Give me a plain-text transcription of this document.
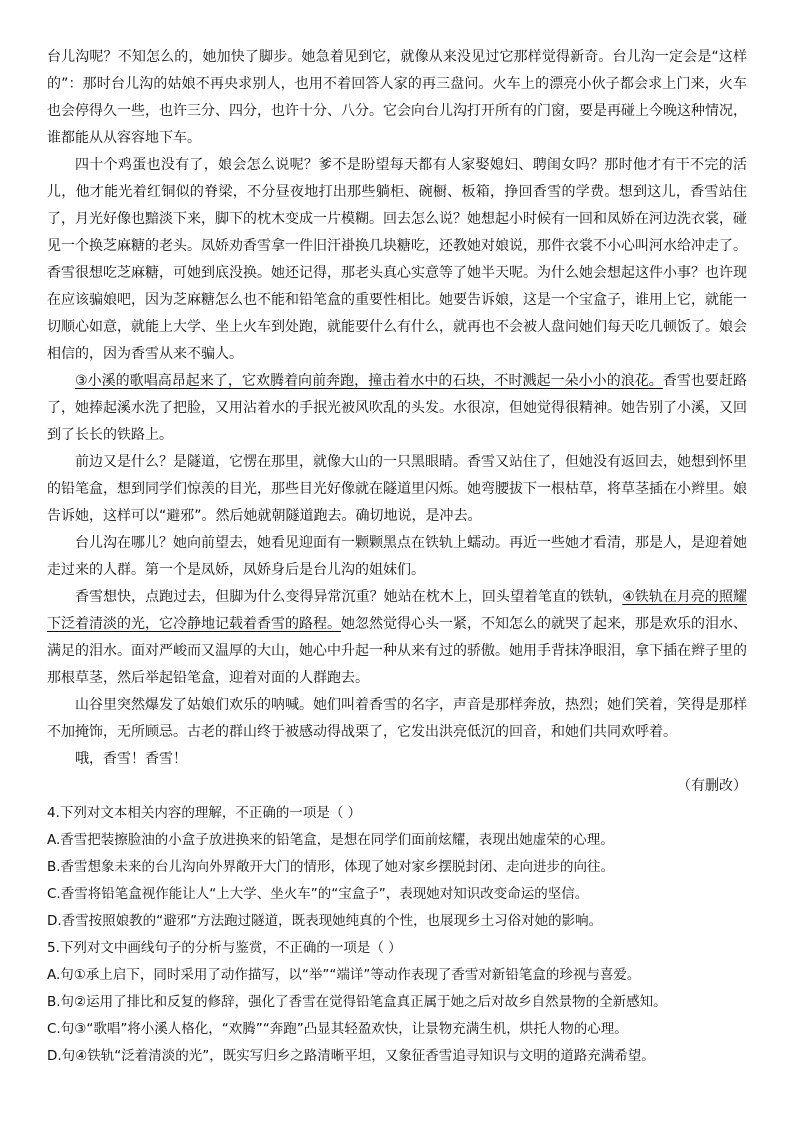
台儿沟呢？不知怎么的，她加快了脚步。她急着见到它，就像从来没见过它那样觉得新奇。台儿沟一定会是“这样的”：那时台儿沟的姑娘不再央求别人，也用不着回答人家的再三盘问。火车上的漂亮小伙子都会求上门来，火车也会停得久一些，也许三分、四分，也许十分、八分。它会向台儿沟打开所有的门窗，要是再碰上今晚这种情况，谁都能从从容容地下车。

四十个鸡蛋也没有了，娘会怎么说呢？爹不是盼望每天都有人家娶媳妇、聘闺女吗？那时他才有干不完的活儿，他才能光着红铜似的脊梁，不分昼夜地打出那些躺柜、碗橱、板箱，挣回香雪的学费。想到这儿，香雪站住了，月光好像也黯淡下来，脚下的枕木变成一片模糊。回去怎么说？她想起小时候有一回和凤娇在河边洗衣裳，碰见一个换芝麻糖的老头。凤娇劝香雪拿一件旧汗褂换几块糖吃，还教她对娘说，那件衣裳不小心叫河水给冲走了。香雪很想吃芝麻糖，可她到底没换。她还记得，那老头真心实意等了她半天呢。为什么她会想起这件小事？也许现在应该骗娘吧，因为芝麻糖怎么也不能和铅笔盒的重要性相比。她要告诉娘，这是一个宝盒子，谁用上它，就能一切顺心如意，就能上大学、坐上火车到处跑，就能要什么有什么，就再也不会被人盘问她们每天吃几顿饭了。娘会相信的，因为香雪从来不骗人。

③小溪的歌唱高昂起来了，它欢腾着向前奔跑，撞击着水中的石块，不时溅起一朵小小的浪花。香雪也要赶路了，她捧起溪水洗了把脸，又用沾着水的手抿光被风吹乱的头发。水很凉，但她觉得很精神。她告别了小溪，又回到了长长的铁路上。

前边又是什么？是隧道，它愣在那里，就像大山的一只黑眼睛。香雪又站住了，但她没有返回去，她想到怀里的铅笔盒，想到同学们惊羡的目光，那些目光好像就在隧道里闪烁。她弯腰拔下一根枯草，将草茎插在小辫里。娘告诉她，这样可以“避邪”。然后她就朝隧道跑去。确切地说，是冲去。

台儿沟在哪儿？她向前望去，她看见迎面有一颗颗黑点在铁轨上蠕动。再近一些她才看清，那是人，是迎着她走过来的人群。第一个是凤娇，凤娇身后是台儿沟的姐妹们。

香雪想快，点跑过去，但脚为什么变得异常沉重？她站在枕木上，回头望着笔直的铁轨，④铁轨在月亮的照耀下泛着清淡的光，它冷静地记载着香雪的路程。她忽然觉得心头一紧，不知怎么的就哭了起来，那是欢乐的泪水、满足的泪水。面对严峻而又温厚的大山，她心中升起一种从来有过的骄傲。她用手背抹净眼泪，拿下插在辫子里的那根草茎，然后举起铅笔盒，迎着对面的人群跑去。

山谷里突然爆发了姑娘们欢乐的呐喊。她们叫着香雪的名字，声音是那样奔放，热烈；她们笑着，笑得是那样不加掩饰，无所顾忌。古老的群山终于被感动得战栗了，它发出洪亮低沉的回音，和她们共同欢呼着。

哦，香雪！香雪！

（有删改）

4.下列对文本相关内容的理解，不正确的一项是（ ）

A.香雪把装擦脸油的小盒子放进换来的铅笔盒，是想在同学们面前炫耀，表现出她虚荣的心理。

B.香雪想象未来的台儿沟向外界敞开大门的情形，体现了她对家乡摆脱封闭、走向进步的向往。

C.香雪将铅笔盒视作能让人“上大学、坐火车”的“宝盒子”，表现她对知识改变命运的坚信。

D.香雪按照娘教的“避邪”方法跑过隧道，既表现她纯真的个性，也展现乡土习俗对她的影响。

5.下列对文中画线句子的分析与鉴赏，不正确的一项是（ ）

A.句①承上启下，同时采用了动作描写，以“举”“端详”等动作表现了香雪对新铅笔盒的珍视与喜爱。

B.句②运用了排比和反复的修辞，强化了香雪在觉得铅笔盒真正属于她之后对故乡自然景物的全新感知。

C.句③“歌唱”将小溪人格化，“欢腾”“奔跑”凸显其轻盈欢快，让景物充满生机，烘托人物的心理。

D.句④铁轨“泛着清淡的光”，既实写归乡之路清晰平坦，又象征香雪追寻知识与文明的道路充满希望。
